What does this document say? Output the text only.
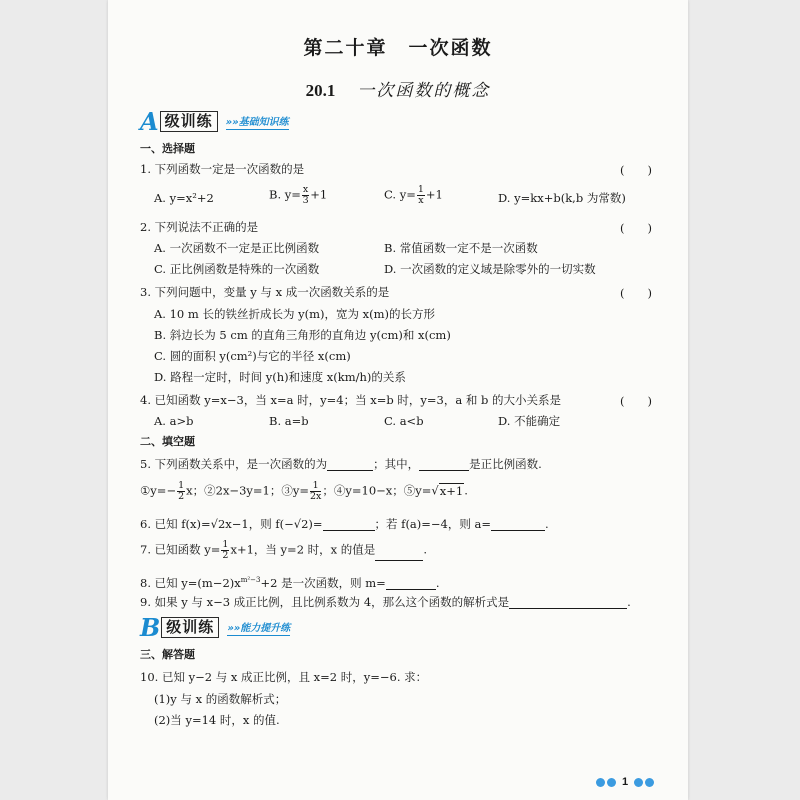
第二十章　一次函数
20.1 一次函数的概念
A 级训练	»»基础知识练
一、选择题
1. 下列函数一定是一次函数的是	(　　)
A. y=x²+2	B. $y= \frac{x}{3} +1$	C. $y= \frac{1}{x} +1$	D. y=kx+b(k,b 为常数)
2. 下列说法不正确的是	(　　)
A. 一次函数不一定是正比例函数	B. 常值函数一定不是一次函数
C. 正比例函数是特殊的一次函数	D. 一次函数的定义域是除零外的一切实数
3. 下列问题中，变量 y 与 x 成一次函数关系的是	(　　)
A. 10 m 长的铁丝折成长为 y(m)，宽为 x(m)的长方形
B. 斜边长为 5 cm 的直角三角形的直角边 y(cm)和 x(cm)
C. 圆的面积 y(cm²)与它的半径 x(cm)
D. 路程一定时，时间 y(h)和速度 x(km/h)的关系
4. 已知函数 y=x−3，当 x=a 时，y=4；当 x=b 时，y=3，a 和 b 的大小关系是	(　　)
A. a>b	B. a=b	C. a<b	D. 不能确定
二、填空题
5. 下列函数关系中，是一次函数的为	；其中，	是正比例函数.
①y=− $\frac{1}{2}$ x；②2x−3y=1；③y= $\frac{1}{2x}$ ；④y=10−x；⑤y=√x+1.
6. 已知 f(x)=√2x−1，则 f(−√2)=	；若 f(a)=−4，则 a=	.
7. 已知函数 $y= \frac{1}{2} x+1$，当 y=2 时，x 的值是	.
8. 已知 $y=(m-2)x^{m^2-3}+2$ 是一次函数，则 m=	.
9. 如果 y 与 x−3 成正比例，且比例系数为 4，那么这个函数的解析式是	.
B 级训练	»»能力提升练
三、解答题
10. 已知 y−2 与 x 成正比例，且 x=2 时，y=−6. 求：
(1)y 与 x 的函数解析式；
(2)当 y=14 时，x 的值.
1
